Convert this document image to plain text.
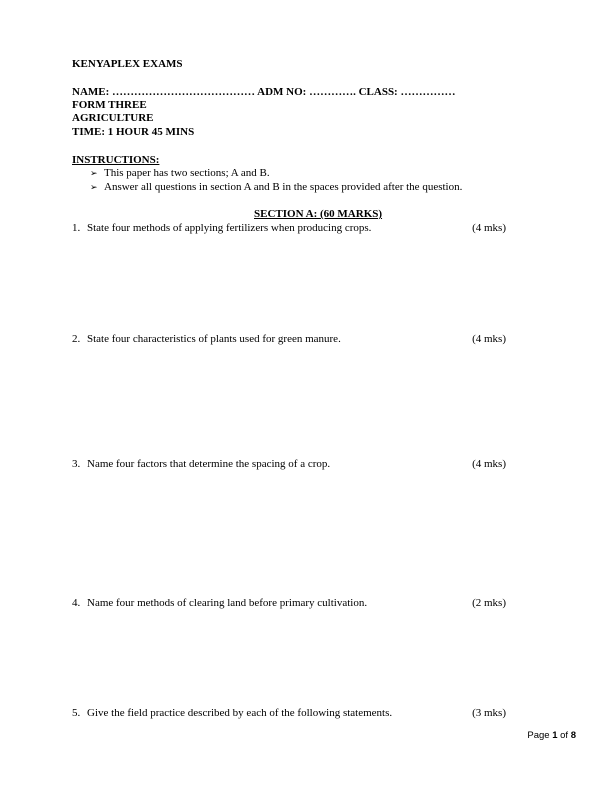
KENYAPLEX EXAMS
NAME: ………………………………… ADM NO: …………. CLASS: ……………
FORM THREE
AGRICULTURE
TIME: 1 HOUR 45 MINS
INSTRUCTIONS:
➢ This paper has two sections; A and B.
➢ Answer all questions in section A and B in the spaces provided after the question.
SECTION A: (60 MARKS)
1. State four methods of applying fertilizers when producing crops.	(4 mks)
2. State four characteristics of plants used for green manure.	(4 mks)
3. Name four factors that determine the spacing of a crop.	(4 mks)
4. Name four methods of clearing land before primary cultivation.	(2 mks)
5. Give the field practice described by each of the following statements.	(3 mks)
Page 1 of 8
